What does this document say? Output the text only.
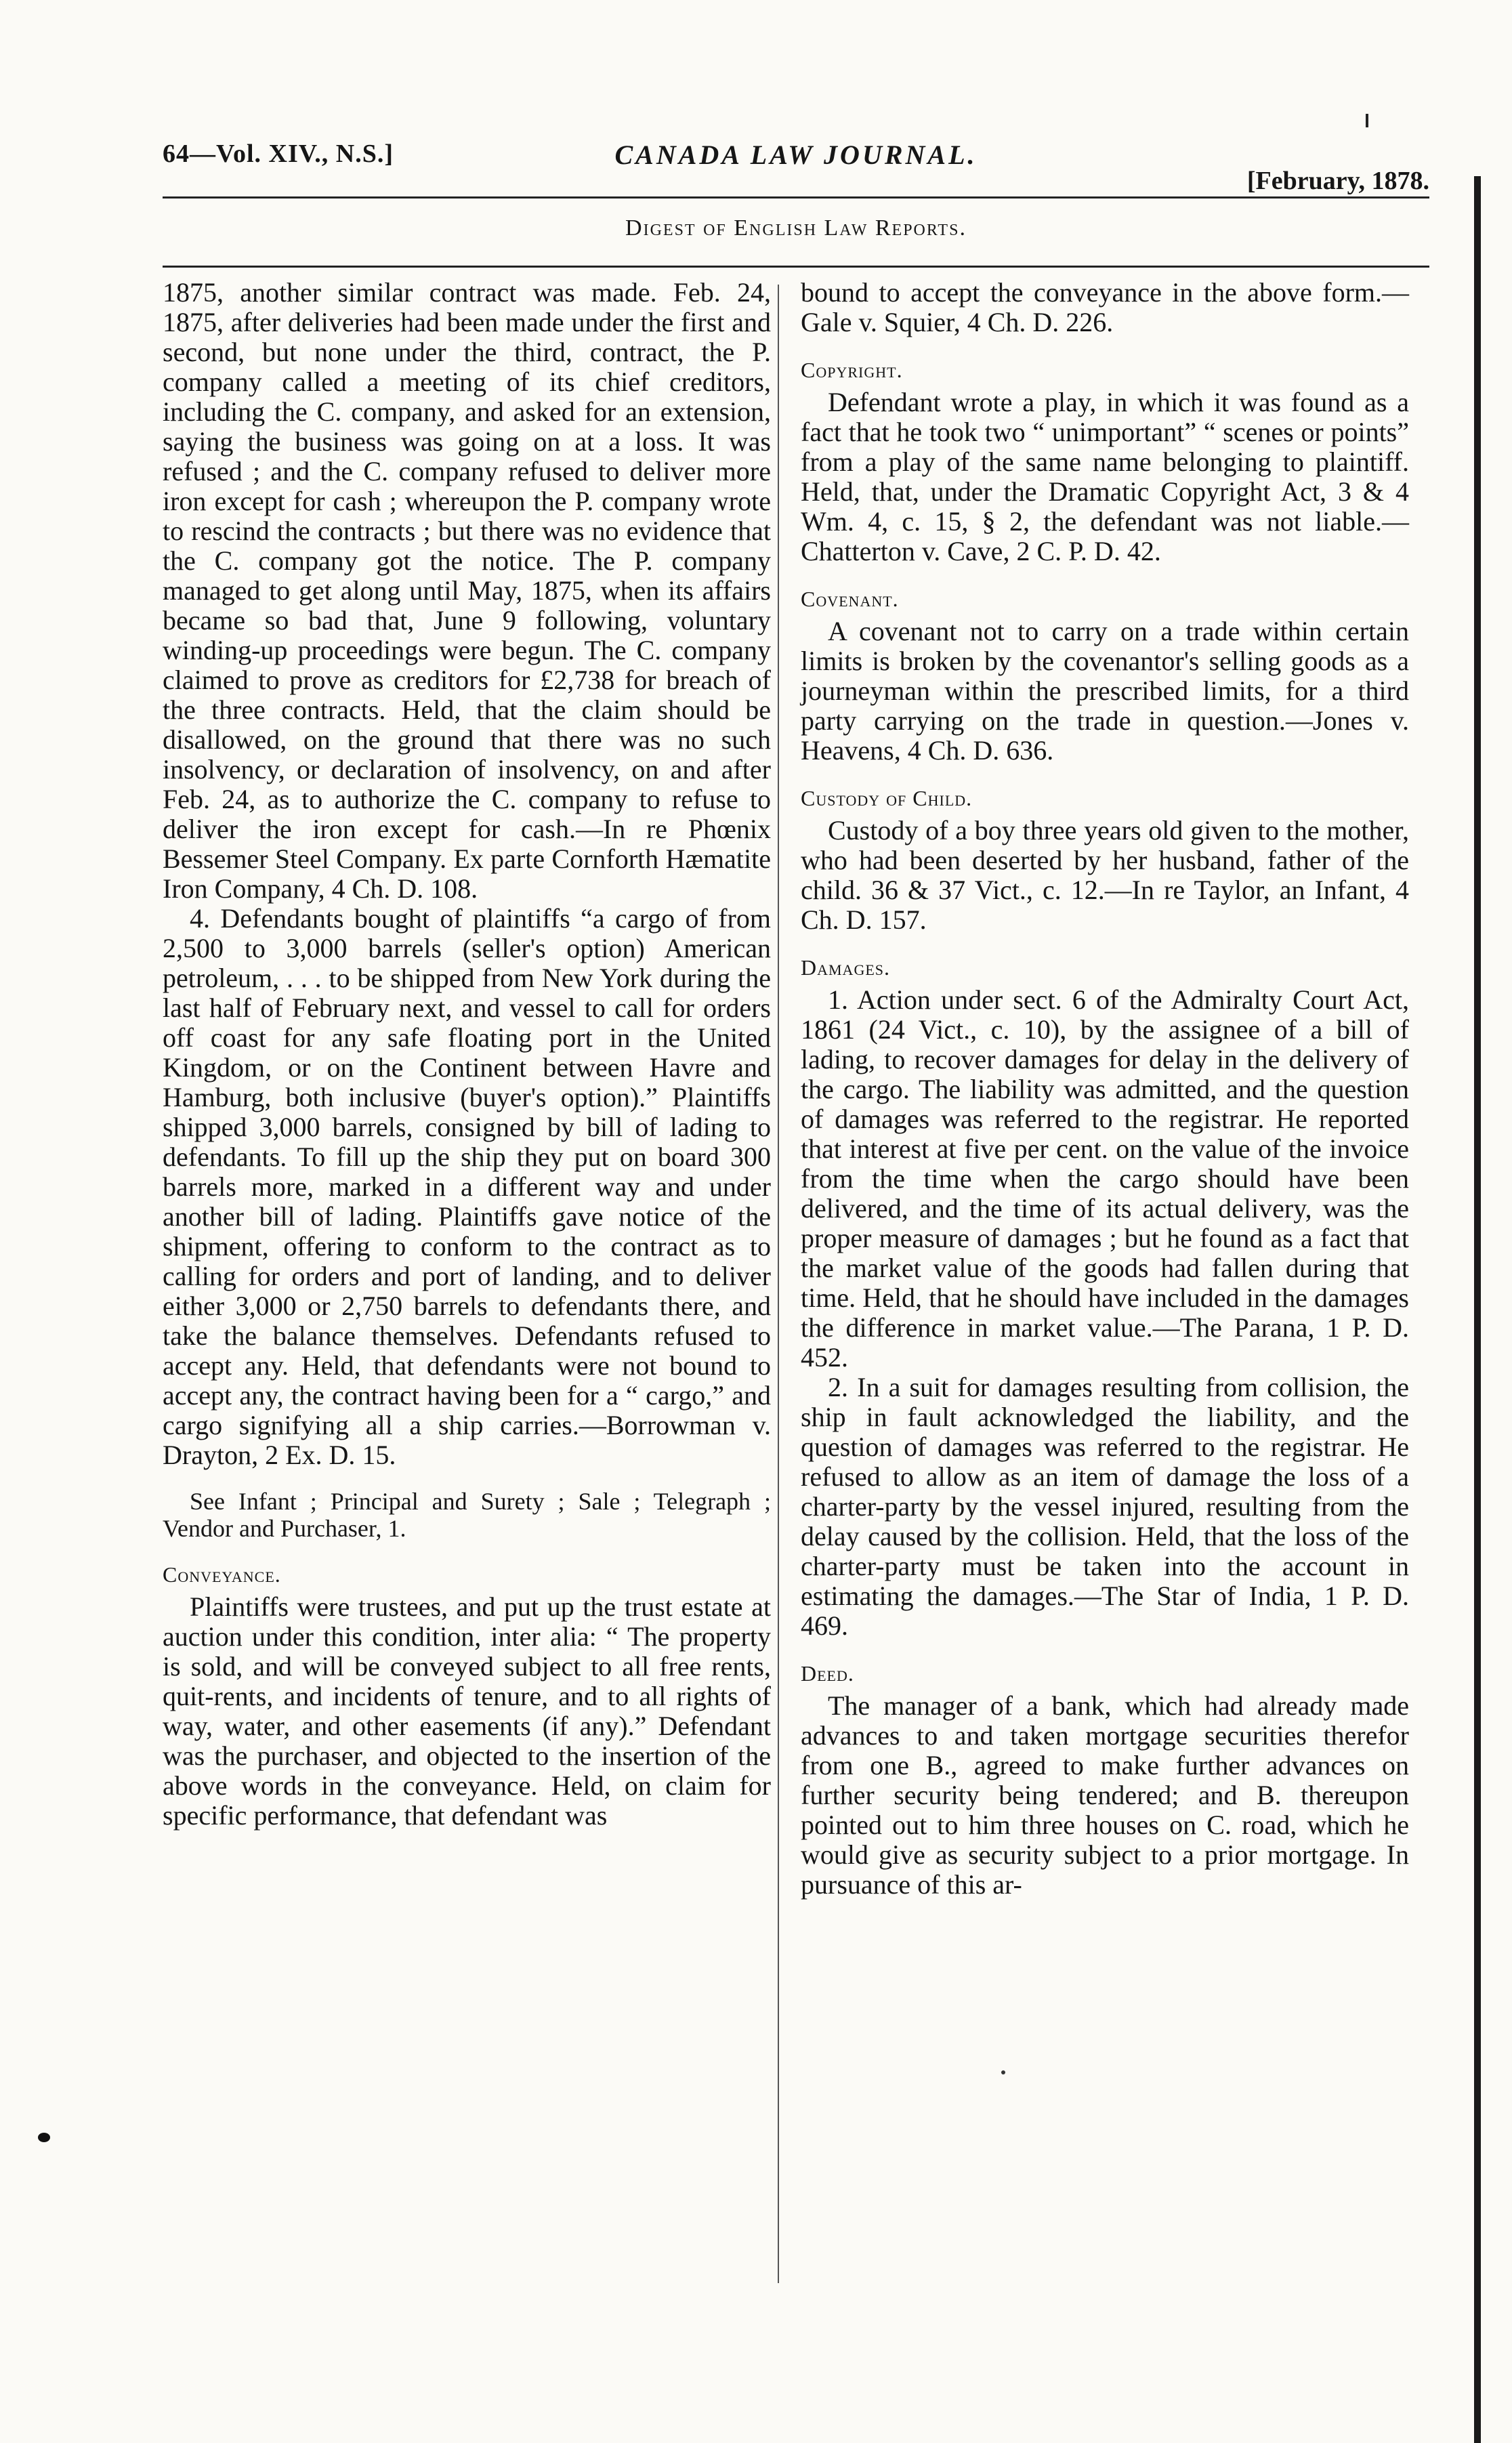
64—Vol. XIV., N.S.]	CANADA LAW JOURNAL.
[February, 1878.
Digest of English Law Reports.

1875, another similar contract was made. Feb. 24, 1875, after deliveries had been made under the first and second, but none under the third, contract, the P. company called a meeting of its chief creditors, including the C. company, and asked for an extension, saying the business was going on at a loss. It was refused ; and the C. company refused to deliver more iron except for cash ; whereupon the P. company wrote to rescind the contracts ; but there was no evidence that the C. company got the notice. The P. company managed to get along until May, 1875, when its affairs became so bad that, June 9 following, voluntary winding-up proceedings were begun. The C. company claimed to prove as creditors for £2,738 for breach of the three contracts. Held, that the claim should be disallowed, on the ground that there was no such insolvency, or declaration of insolvency, on and after Feb. 24, as to authorize the C. company to refuse to deliver the iron except for cash.—In re Phœnix Bessemer Steel Company. Ex parte Cornforth Hæmatite Iron Company, 4 Ch. D. 108.

4. Defendants bought of plaintiffs “a cargo of from 2,500 to 3,000 barrels (seller's option) American petroleum, . . . to be shipped from New York during the last half of February next, and vessel to call for orders off coast for any safe floating port in the United Kingdom, or on the Continent between Havre and Hamburg, both inclusive (buyer's option).” Plaintiffs shipped 3,000 barrels, consigned by bill of lading to defendants. To fill up the ship they put on board 300 barrels more, marked in a different way and under another bill of lading. Plaintiffs gave notice of the shipment, offering to conform to the contract as to calling for orders and port of landing, and to deliver either 3,000 or 2,750 barrels to defendants there, and take the balance themselves. Defendants refused to accept any. Held, that defendants were not bound to accept any, the contract having been for a “ cargo,” and cargo signifying all a ship carries.—Borrowman v. Drayton, 2 Ex. D. 15.

See Infant ; Principal and Surety ; Sale ; Telegraph ; Vendor and Purchaser, 1.

Conveyance.

Plaintiffs were trustees, and put up the trust estate at auction under this condition, inter alia: “ The property is sold, and will be conveyed subject to all free rents, quit-rents, and incidents of tenure, and to all rights of way, water, and other easements (if any).” Defendant was the purchaser, and objected to the insertion of the above words in the conveyance. Held, on claim for specific performance, that defendant was

bound to accept the conveyance in the above form.—Gale v. Squier, 4 Ch. D. 226.

Copyright.

Defendant wrote a play, in which it was found as a fact that he took two “ unimportant” “ scenes or points” from a play of the same name belonging to plaintiff. Held, that, under the Dramatic Copyright Act, 3 & 4 Wm. 4, c. 15, § 2, the defendant was not liable.—Chatterton v. Cave, 2 C. P. D. 42.

Covenant.

A covenant not to carry on a trade within certain limits is broken by the covenantor's selling goods as a journeyman within the prescribed limits, for a third party carrying on the trade in question.—Jones v. Heavens, 4 Ch. D. 636.

Custody of Child.

Custody of a boy three years old given to the mother, who had been deserted by her husband, father of the child. 36 & 37 Vict., c. 12.—In re Taylor, an Infant, 4 Ch. D. 157.

Damages.

1. Action under sect. 6 of the Admiralty Court Act, 1861 (24 Vict., c. 10), by the assignee of a bill of lading, to recover damages for delay in the delivery of the cargo. The liability was admitted, and the question of damages was referred to the registrar. He reported that interest at five per cent. on the value of the invoice from the time when the cargo should have been delivered, and the time of its actual delivery, was the proper measure of damages ; but he found as a fact that the market value of the goods had fallen during that time. Held, that he should have included in the damages the difference in market value.—The Parana, 1 P. D. 452.

2. In a suit for damages resulting from collision, the ship in fault acknowledged the liability, and the question of damages was referred to the registrar. He refused to allow as an item of damage the loss of a charter-party by the vessel injured, resulting from the delay caused by the collision. Held, that the loss of the charter-party must be taken into the account in estimating the damages.—The Star of India, 1 P. D. 469.

Deed.

The manager of a bank, which had already made advances to and taken mortgage securities therefor from one B., agreed to make further advances on further security being tendered; and B. thereupon pointed out to him three houses on C. road, which he would give as security subject to a prior mortgage. In pursuance of this ar-
